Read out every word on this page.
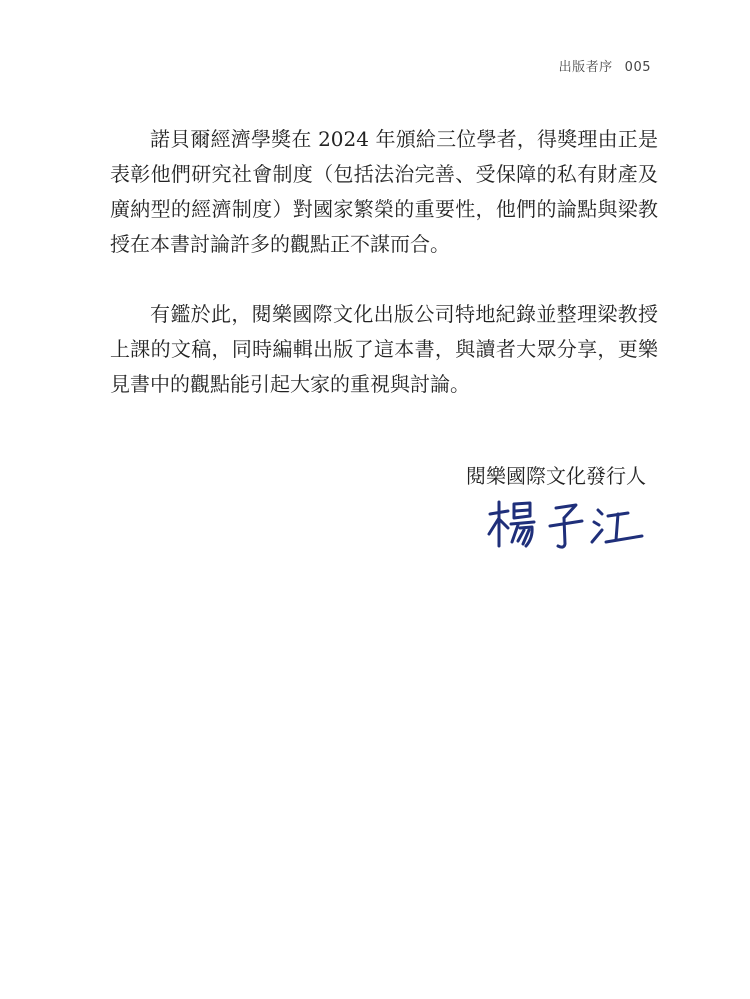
出版者序 005

諾貝爾經濟學獎在 2024 年頒給三位學者，得獎理由正是表彰他們研究社會制度（包括法治完善、受保障的私有財產及廣納型的經濟制度）對國家繁榮的重要性，他們的論點與梁教授在本書討論許多的觀點正不謀而合。

有鑑於此，閱樂國際文化出版公司特地紀錄並整理梁教授上課的文稿，同時編輯出版了這本書，與讀者大眾分享，更樂見書中的觀點能引起大家的重視與討論。

閱樂國際文化發行人
